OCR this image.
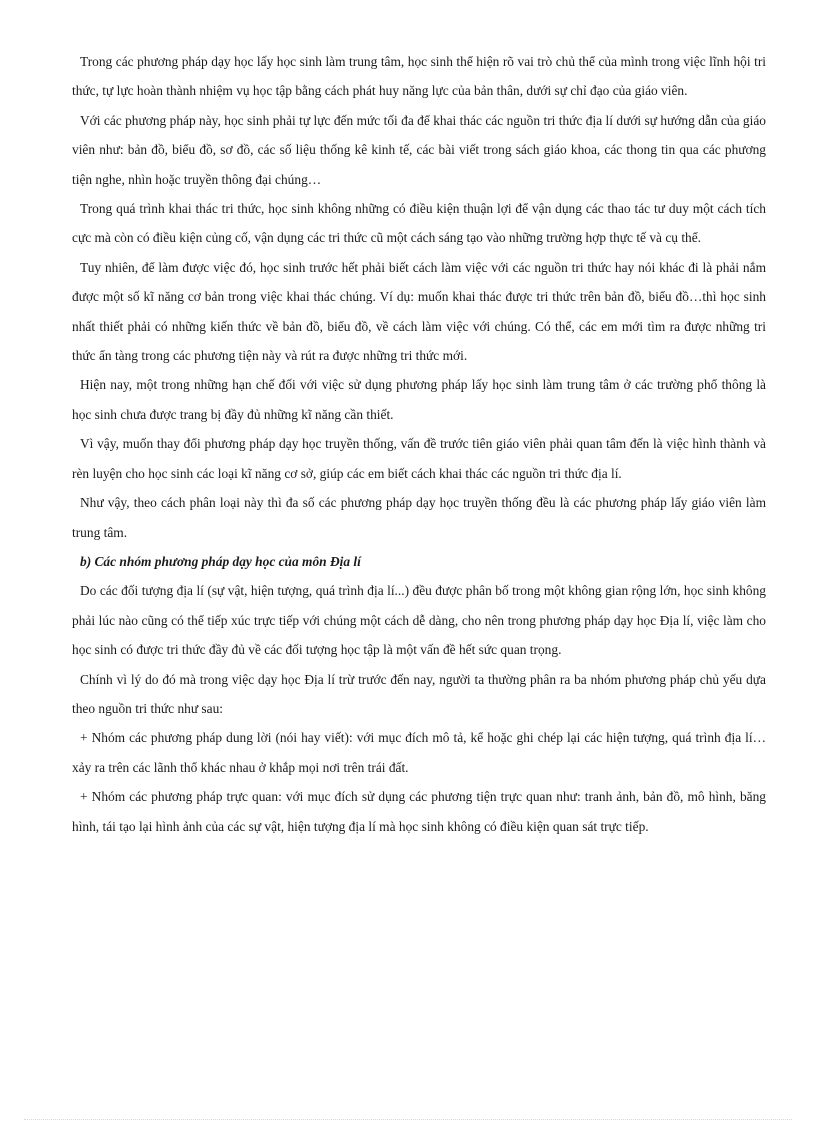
Trong các phương pháp dạy học lấy học sinh làm trung tâm, học sinh thể hiện rõ vai trò chủ thể của mình trong việc lĩnh hội tri thức, tự lực hoàn thành nhiệm vụ học tập bằng cách phát huy năng lực của bản thân, dưới sự chỉ đạo của giáo viên.

Với các phương pháp này, học sinh phải tự lực đến mức tối đa để khai thác các nguồn tri thức địa lí dưới sự hướng dẫn của giáo viên như: bản đồ, biểu đồ, sơ đồ, các số liệu thống kê kinh tế, các bài viết trong sách giáo khoa, các thong tin qua các phương tiện nghe, nhìn hoặc truyền thông đại chúng…

Trong quá trình khai thác tri thức, học sinh không những có điều kiện thuận lợi để vận dụng các thao tác tư duy một cách tích cực mà còn có điều kiện củng cố, vận dụng các tri thức cũ một cách sáng tạo vào những trường hợp thực tế và cụ thể.

Tuy nhiên, để làm được việc đó, học sinh trước hết phải biết cách làm việc với các nguồn tri thức hay nói khác đi là phải nắm được một số kĩ năng cơ bản trong việc khai thác chúng. Ví dụ: muốn khai thác được tri thức trên bản đồ, biểu đồ…thì học sinh nhất thiết phải có những kiến thức về bản đồ, biểu đồ, về cách làm việc với chúng. Có thể, các em mới tìm ra được những tri thức ẩn tàng trong các phương tiện này và rút ra được những tri thức mới.

Hiện nay, một trong những hạn chế đối với việc sử dụng phương pháp lấy học sinh làm trung tâm ở các trường phổ thông là học sinh chưa được trang bị đầy đủ những kĩ năng cần thiết.

Vì vậy, muốn thay đổi phương pháp dạy học truyền thống, vấn đề trước tiên giáo viên phải quan tâm đến là việc hình thành và rèn luyện cho học sinh các loại kĩ năng cơ sở, giúp các em biết cách khai thác các nguồn tri thức địa lí.

Như vậy, theo cách phân loại này thì đa số các phương pháp dạy học truyền thống đều là các phương pháp lấy giáo viên làm trung tâm.

b) Các nhóm phương pháp dạy học của môn Địa lí

Do các đối tượng địa lí (sự vật, hiện tượng, quá trình địa lí...) đều được phân bố trong một không gian rộng lớn, học sinh không phải lúc nào cũng có thể tiếp xúc trực tiếp với chúng một cách dễ dàng, cho nên trong phương pháp dạy học Địa lí, việc làm cho học sinh có được tri thức đầy đủ về các đối tượng học tập là một vấn đề hết sức quan trọng.

Chính vì lý do đó mà trong việc dạy học Địa lí trừ trước đến nay, người ta thường phân ra ba nhóm phương pháp chủ yếu dựa theo nguồn tri thức như sau:

+ Nhóm các phương pháp dung lời (nói hay viết): với mục đích mô tả, kể hoặc ghi chép lại các hiện tượng, quá trình địa lí…xảy ra trên các lãnh thổ khác nhau ở khắp mọi nơi trên trái đất.

+ Nhóm các phương pháp trực quan: với mục đích sử dụng các phương tiện trực quan như: tranh ảnh, bản đồ, mô hình, băng hình, tái tạo lại hình ảnh của các sự vật, hiện tượng địa lí mà học sinh không có điều kiện quan sát trực tiếp.
